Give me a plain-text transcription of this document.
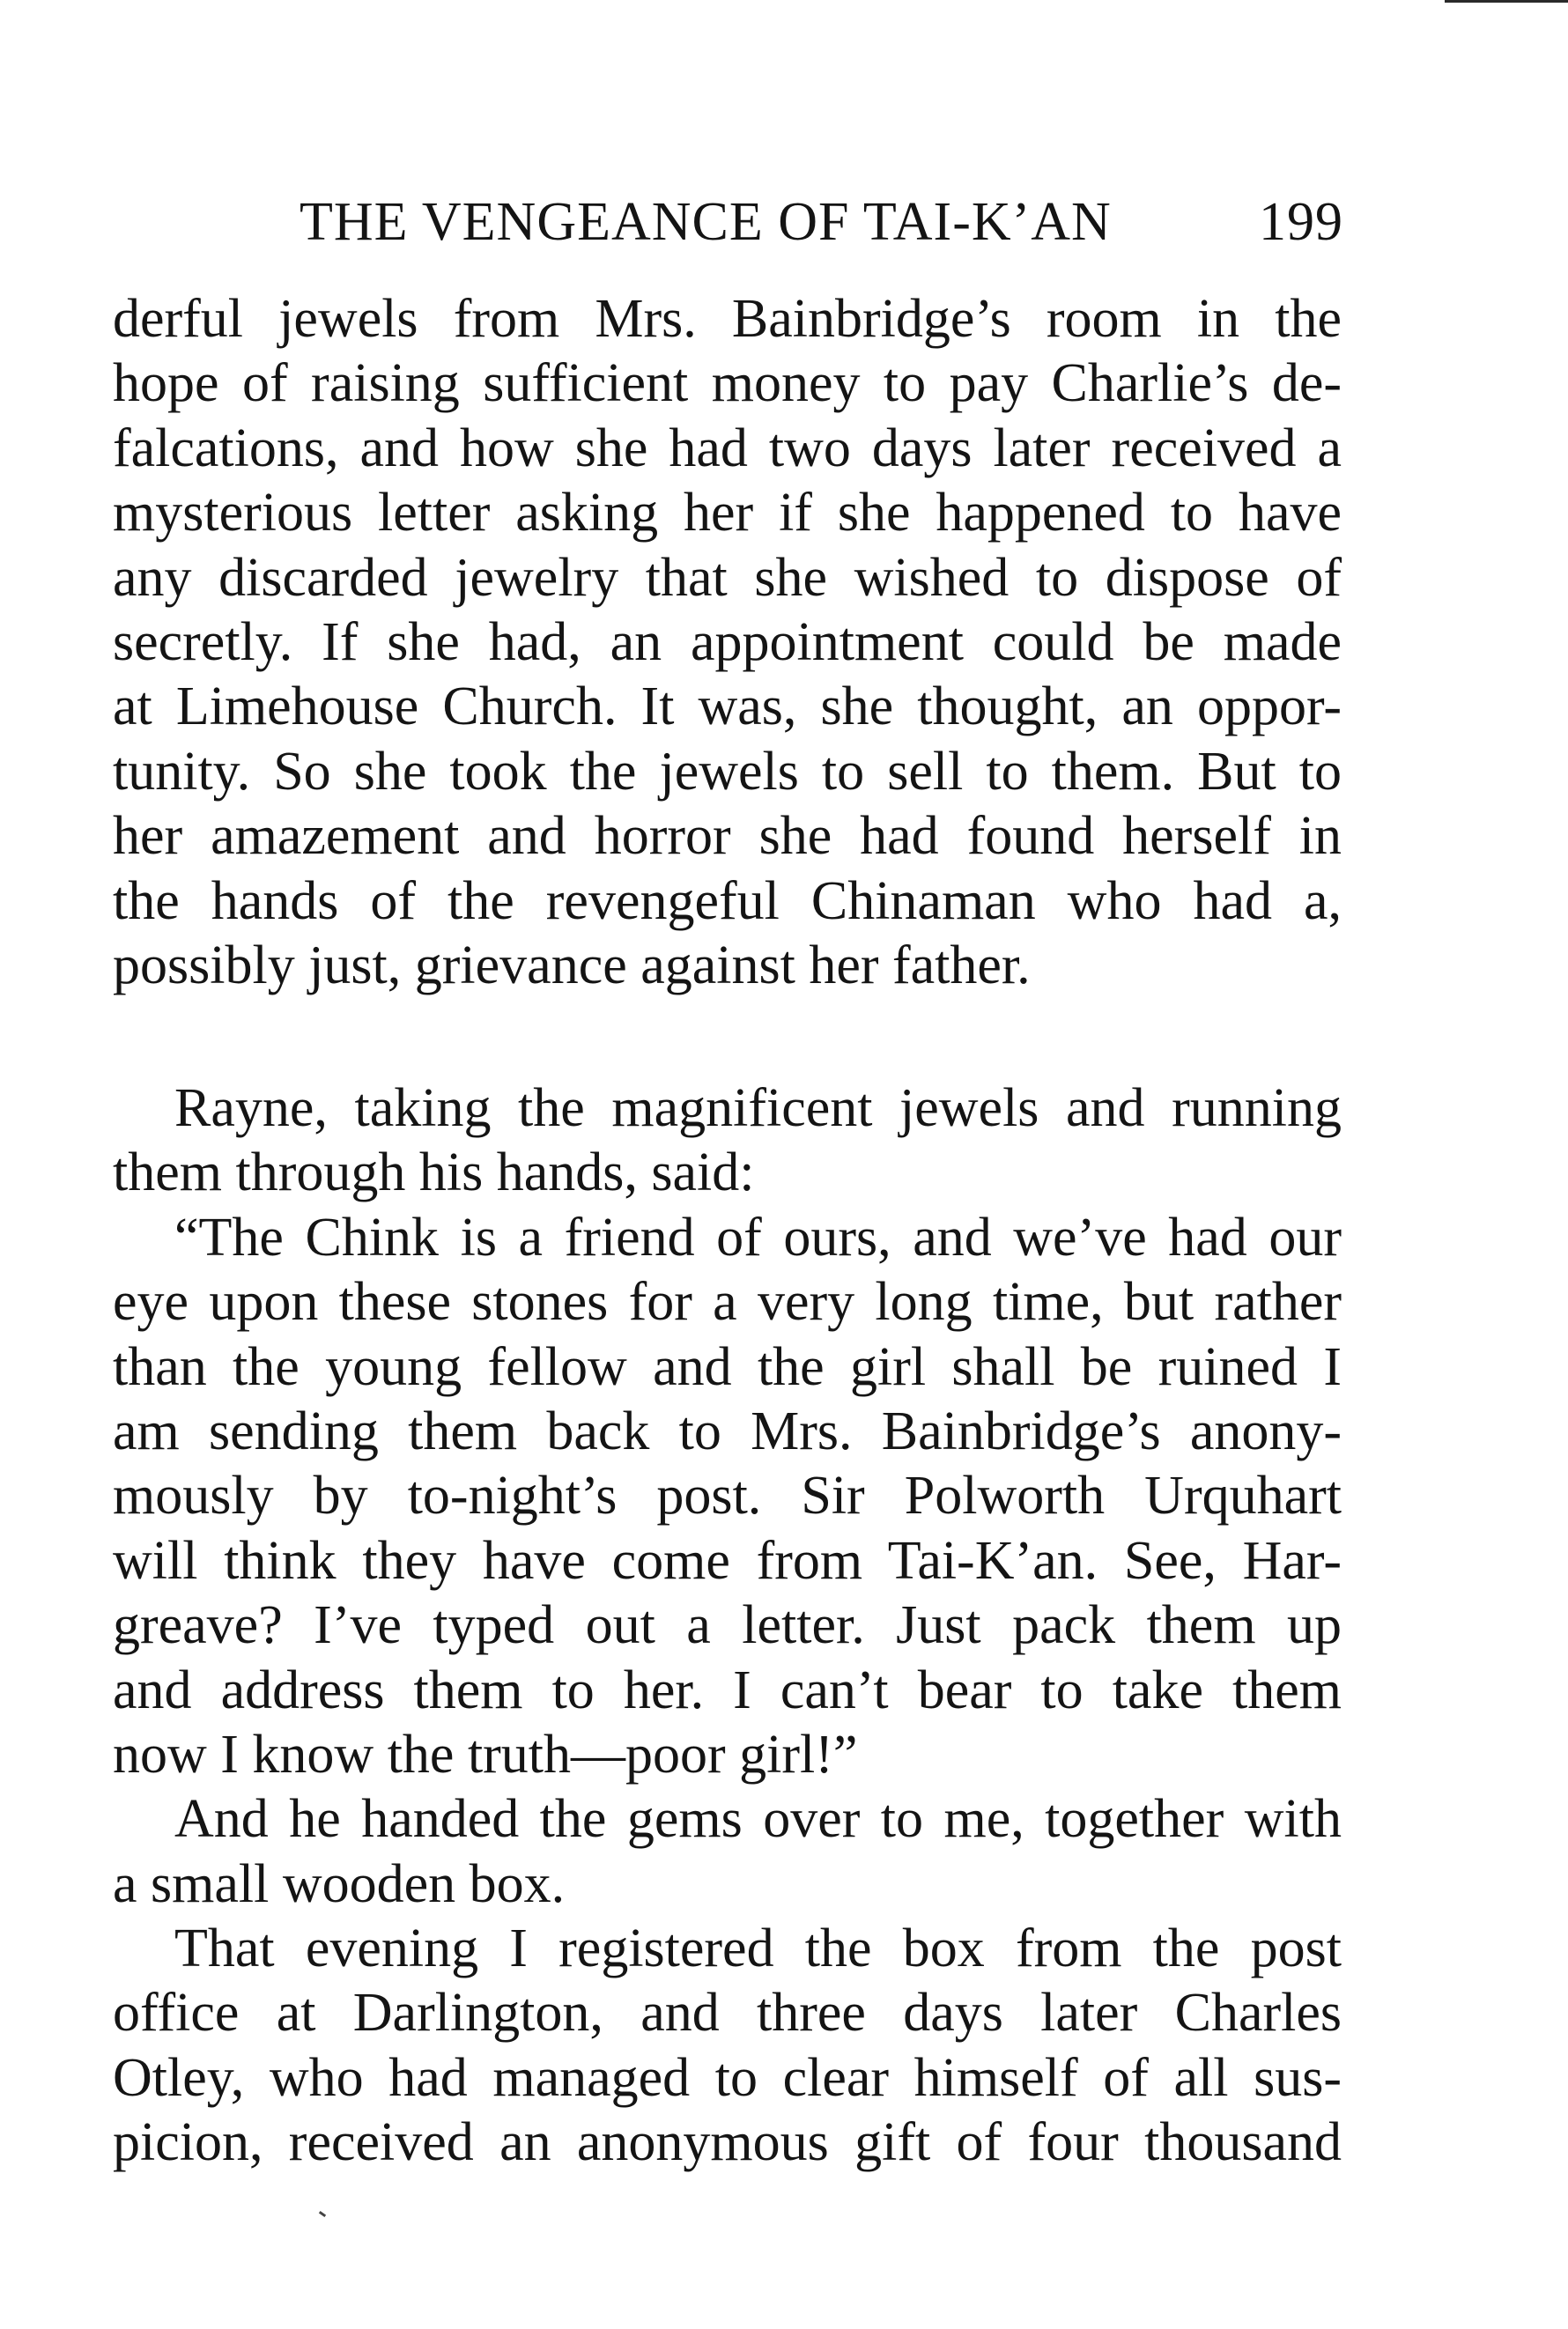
THE VENGEANCE OF TAI-K’AN	199
derful jewels from Mrs. Bainbridge’s room in the
hope of raising sufficient money to pay Charlie’s de-
falcations, and how she had two days later received a
mysterious letter asking her if she happened to have
any discarded jewelry that she wished to dispose of
secretly. If she had, an appointment could be made
at Limehouse Church. It was, she thought, an oppor-
tunity. So she took the jewels to sell to them. But to
her amazement and horror she had found herself in
the hands of the revengeful Chinaman who had a,
possibly just, grievance against her father.
Rayne, taking the magnificent jewels and running
them through his hands, said:
“The Chink is a friend of ours, and we’ve had our
eye upon these stones for a very long time, but rather
than the young fellow and the girl shall be ruined I
am sending them back to Mrs. Bainbridge’s anony-
mously by to-night’s post. Sir Polworth Urquhart
will think they have come from Tai-K’an. See, Har-
greave? I’ve typed out a letter. Just pack them up
and address them to her. I can’t bear to take them
now I know the truth—poor girl!”
And he handed the gems over to me, together with
a small wooden box.
That evening I registered the box from the post
office at Darlington, and three days later Charles
Otley, who had managed to clear himself of all sus-
picion, received an anonymous gift of four thousand
